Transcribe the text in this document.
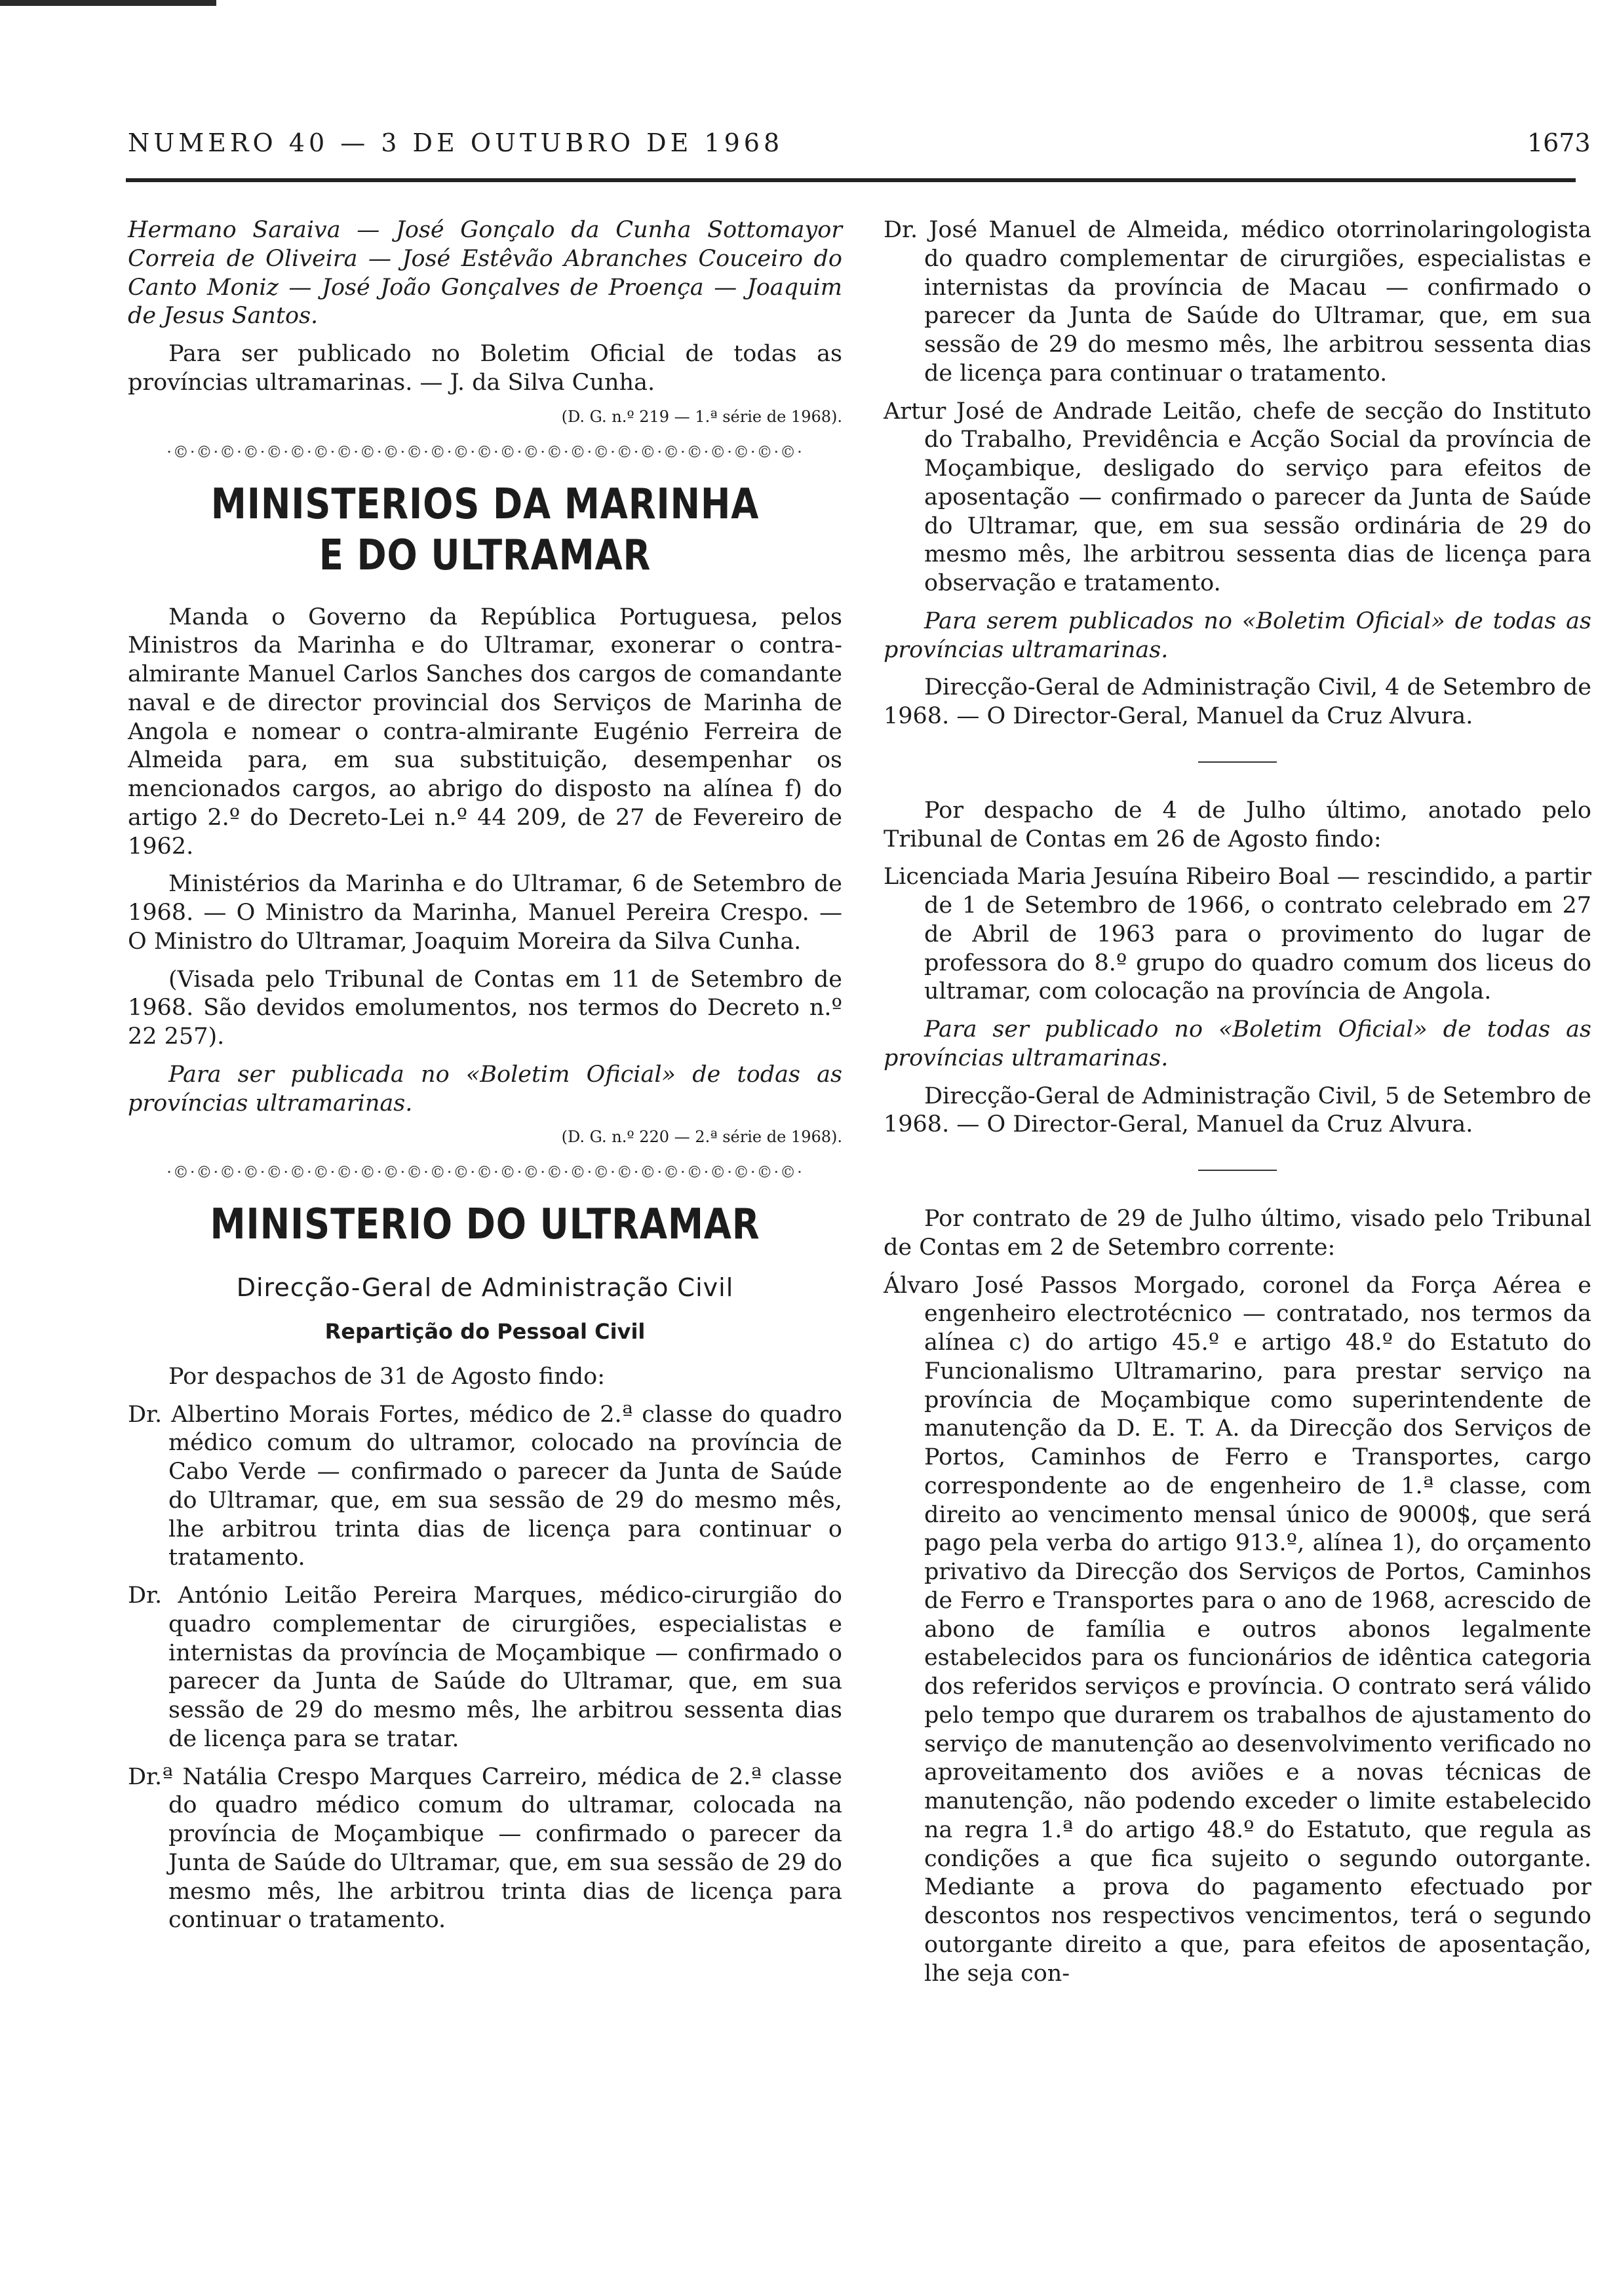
NUMERO 40 — 3 DE OUTUBRO DE 1968	1673

Hermano Saraiva — José Gonçalo da Cunha Sottomayor Correia de Oliveira — José Estêvão Abranches Couceiro do Canto Moniz — José João Gonçalves de Proença — Joaquim de Jesus Santos.

Para ser publicado no Boletim Oficial de todas as províncias ultramarinas. — J. da Silva Cunha.

(D. G. n.º 219 — 1.ª série de 1968).

·©·©·©·©·©·©·©·©·©·©·©·©·©·©·©·©·©·©·©·©·©·©·©·©·©·©·©·
MINISTERIOS DA MARINHA
E DO ULTRAMAR

Manda o Governo da República Portuguesa, pelos Ministros da Marinha e do Ultramar, exonerar o contra-almirante Manuel Carlos Sanches dos cargos de comandante naval e de director provincial dos Serviços de Marinha de Angola e nomear o contra-almirante Eugénio Ferreira de Almeida para, em sua substituição, desempenhar os mencionados cargos, ao abrigo do disposto na alínea f) do artigo 2.º do Decreto-Lei n.º 44 209, de 27 de Fevereiro de 1962.

Ministérios da Marinha e do Ultramar, 6 de Setembro de 1968. — O Ministro da Marinha, Manuel Pereira Crespo. — O Ministro do Ultramar, Joaquim Moreira da Silva Cunha.

(Visada pelo Tribunal de Contas em 11 de Setembro de 1968. São devidos emolumentos, nos termos do Decreto n.º 22 257).

Para ser publicada no «Boletim Oficial» de todas as províncias ultramarinas.

(D. G. n.º 220 — 2.ª série de 1968).

·©·©·©·©·©·©·©·©·©·©·©·©·©·©·©·©·©·©·©·©·©·©·©·©·©·©·©·
MINISTERIO DO ULTRAMAR
Direcção-Geral de Administração Civil
Repartição do Pessoal Civil

Por despachos de 31 de Agosto findo:

Dr. Albertino Morais Fortes, médico de 2.ª classe do quadro médico comum do ultramor, colocado na província de Cabo Verde — confirmado o parecer da Junta de Saúde do Ultramar, que, em sua sessão de 29 do mesmo mês, lhe arbitrou trinta dias de licença para continuar o tratamento.

Dr. António Leitão Pereira Marques, médico-cirurgião do quadro complementar de cirurgiões, especialistas e internistas da província de Moçambique — confirmado o parecer da Junta de Saúde do Ultramar, que, em sua sessão de 29 do mesmo mês, lhe arbitrou sessenta dias de licença para se tratar.

Dr.ª Natália Crespo Marques Carreiro, médica de 2.ª classe do quadro médico comum do ultramar, colocada na província de Moçambique — confirmado o parecer da Junta de Saúde do Ultramar, que, em sua sessão de 29 do mesmo mês, lhe arbitrou trinta dias de licença para continuar o tratamento.

Dr. José Manuel de Almeida, médico otorrinolaringologista do quadro complementar de cirurgiões, especialistas e internistas da província de Macau — confirmado o parecer da Junta de Saúde do Ultramar, que, em sua sessão de 29 do mesmo mês, lhe arbitrou sessenta dias de licença para continuar o tratamento.

Artur José de Andrade Leitão, chefe de secção do Instituto do Trabalho, Previdência e Acção Social da província de Moçambique, desligado do serviço para efeitos de aposentação — confirmado o parecer da Junta de Saúde do Ultramar, que, em sua sessão ordinária de 29 do mesmo mês, lhe arbitrou sessenta dias de licença para observação e tratamento.

Para serem publicados no «Boletim Oficial» de todas as províncias ultramarinas.

Direcção-Geral de Administração Civil, 4 de Setembro de 1968. — O Director-Geral, Manuel da Cruz Alvura.

Por despacho de 4 de Julho último, anotado pelo Tribunal de Contas em 26 de Agosto findo:

Licenciada Maria Jesuína Ribeiro Boal — rescindido, a partir de 1 de Setembro de 1966, o contrato celebrado em 27 de Abril de 1963 para o provimento do lugar de professora do 8.º grupo do quadro comum dos liceus do ultramar, com colocação na província de Angola.

Para ser publicado no «Boletim Oficial» de todas as províncias ultramarinas.

Direcção-Geral de Administração Civil, 5 de Setembro de 1968. — O Director-Geral, Manuel da Cruz Alvura.

Por contrato de 29 de Julho último, visado pelo Tribunal de Contas em 2 de Setembro corrente:

Álvaro José Passos Morgado, coronel da Força Aérea e engenheiro electrotécnico — contratado, nos termos da alínea c) do artigo 45.º e artigo 48.º do Estatuto do Funcionalismo Ultramarino, para prestar serviço na província de Moçambique como superintendente de manutenção da D. E. T. A. da Direcção dos Serviços de Portos, Caminhos de Ferro e Transportes, cargo correspondente ao de engenheiro de 1.ª classe, com direito ao vencimento mensal único de 9000$, que será pago pela verba do artigo 913.º, alínea 1), do orçamento privativo da Direcção dos Serviços de Portos, Caminhos de Ferro e Transportes para o ano de 1968, acrescido de abono de família e outros abonos legalmente estabelecidos para os funcionários de idêntica categoria dos referidos serviços e província. O contrato será válido pelo tempo que durarem os trabalhos de ajustamento do serviço de manutenção ao desenvolvimento verificado no aproveitamento dos aviões e a novas técnicas de manutenção, não podendo exceder o limite estabelecido na regra 1.ª do artigo 48.º do Estatuto, que regula as condições a que fica sujeito o segundo outorgante. Mediante a prova do pagamento efectuado por descontos nos respectivos vencimentos, terá o segundo outorgante direito a que, para efeitos de aposentação, lhe seja con-
